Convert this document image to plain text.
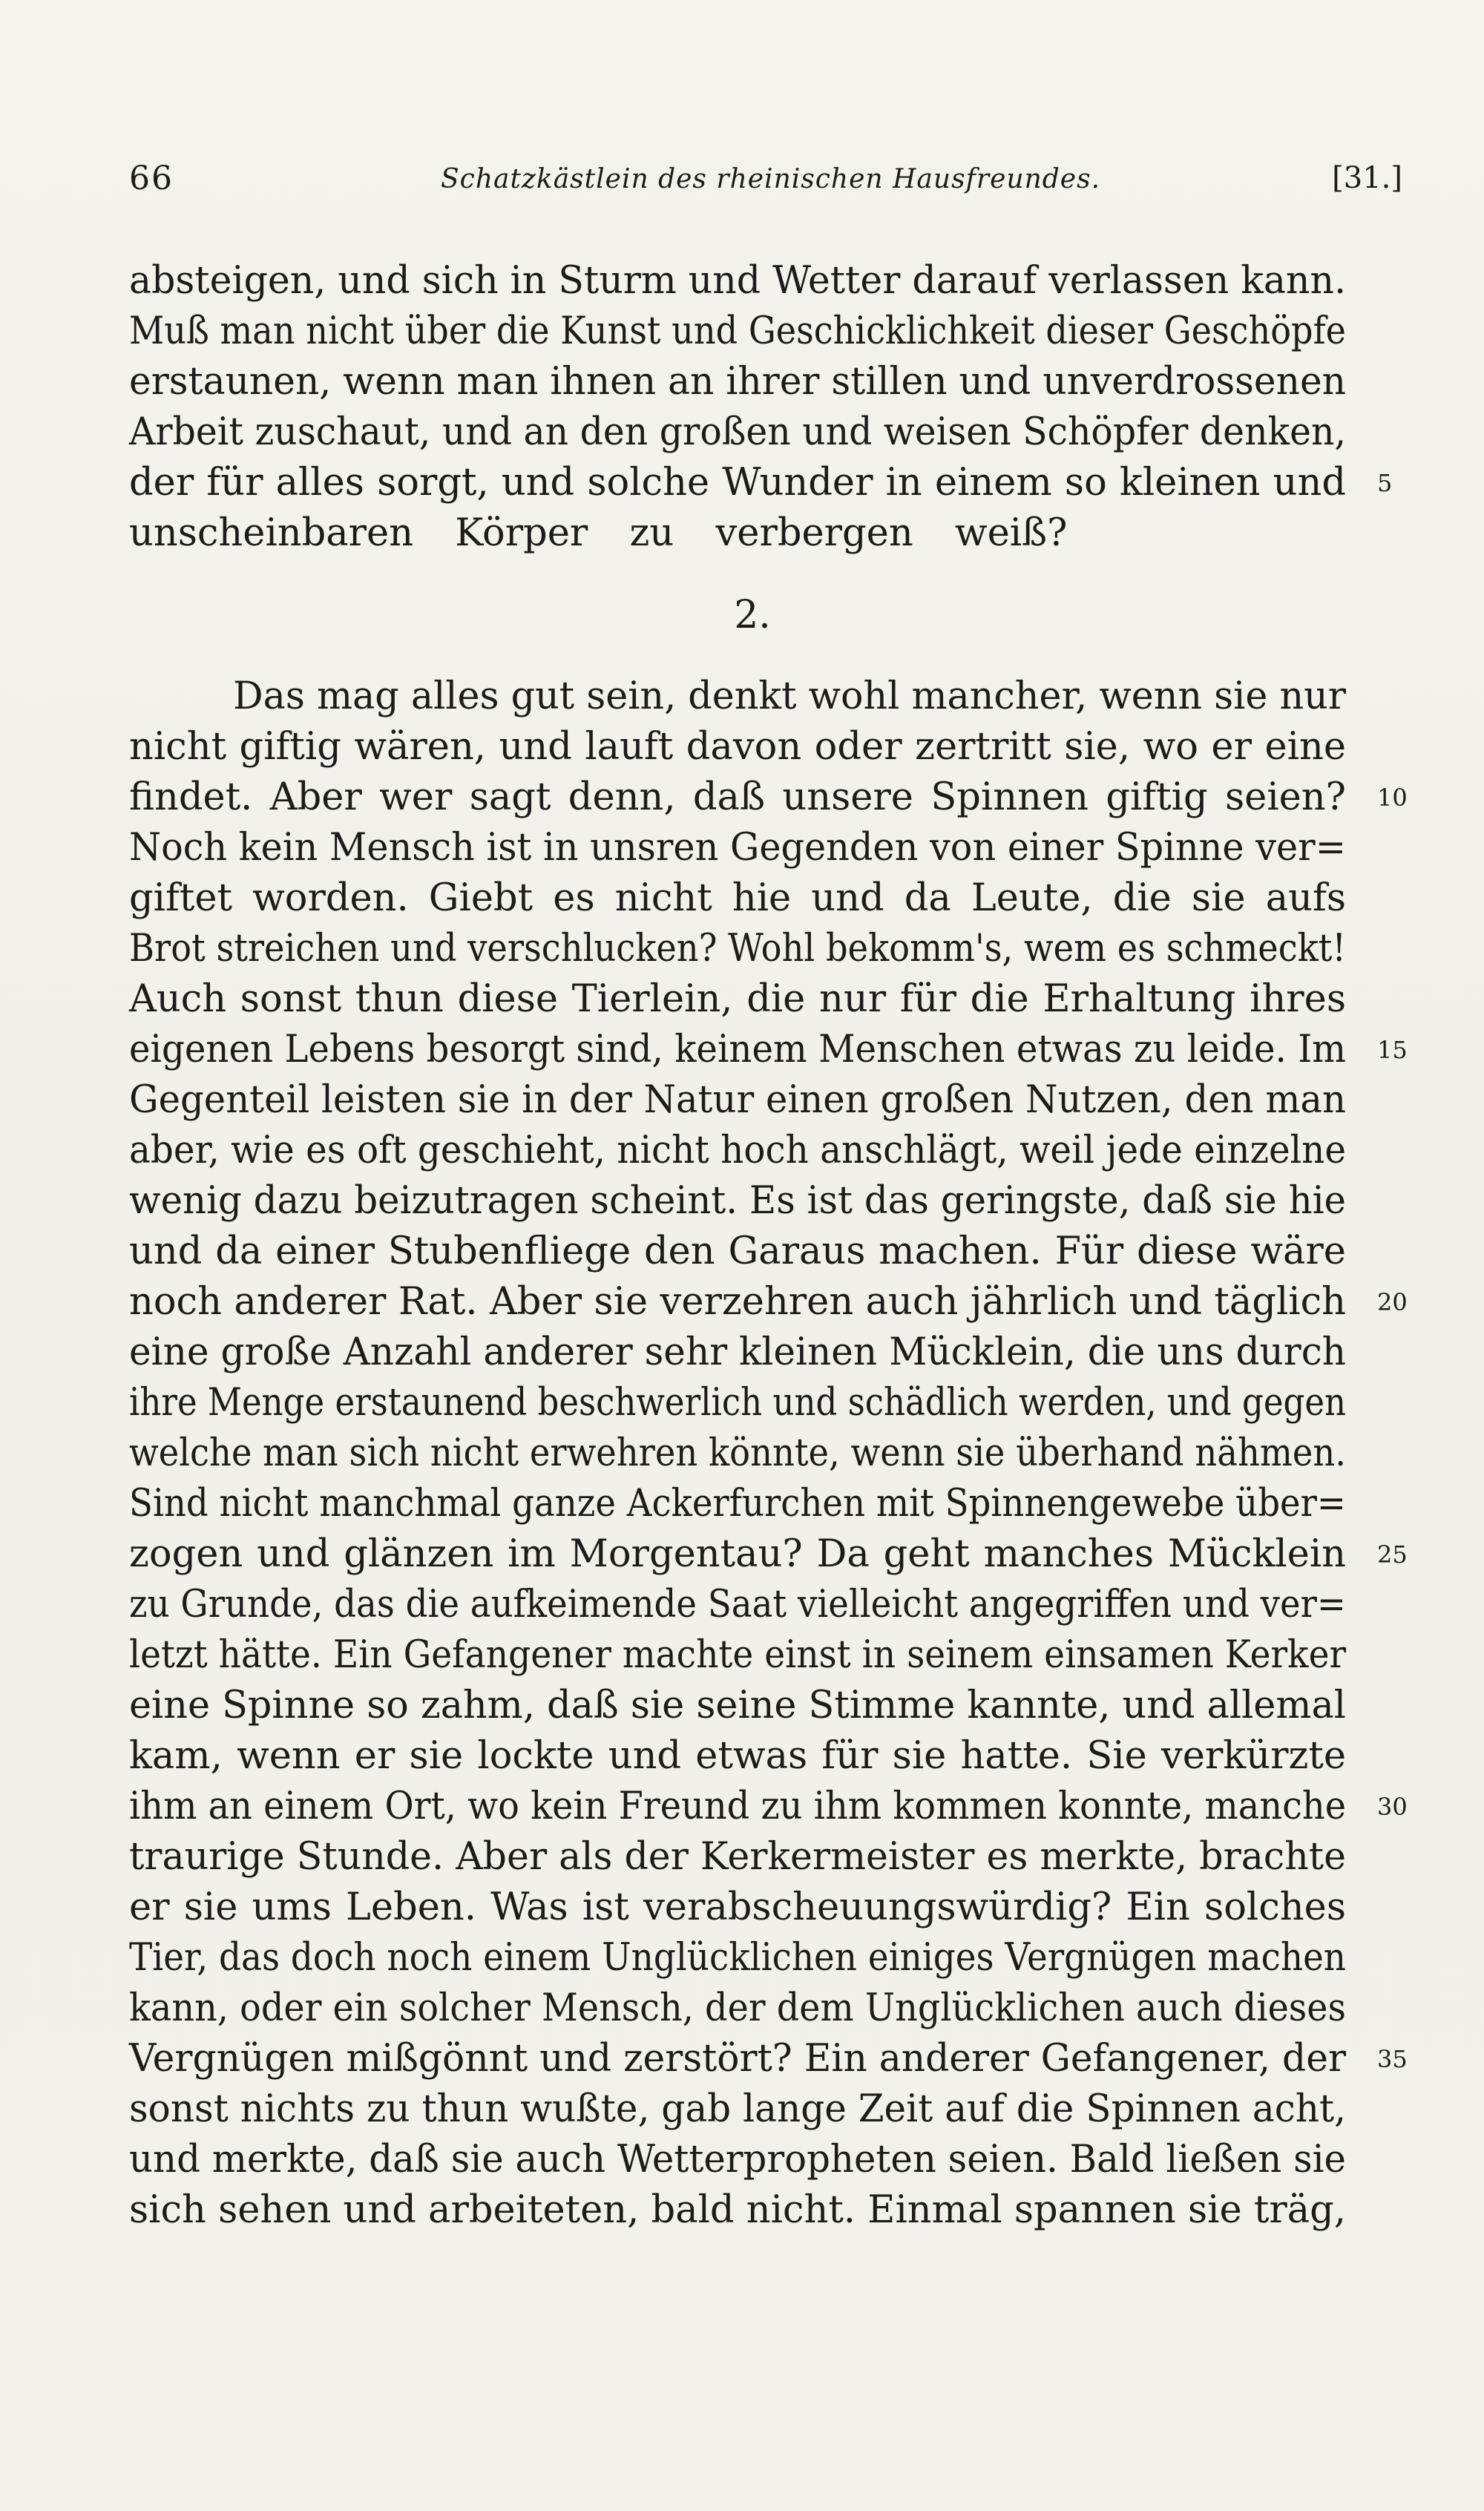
66	Schatzkästlein des rheinischen Hausfreundes.	[31.]
absteigen, und sich in Sturm und Wetter darauf verlassen kann.
Muß man nicht über die Kunst und Geschicklichkeit dieser Geschöpfe
erstaunen, wenn man ihnen an ihrer stillen und unverdrossenen
Arbeit zuschaut, und an den großen und weisen Schöpfer denken,
der für alles sorgt, und solche Wunder in einem so kleinen und 5
unscheinbaren Körper zu verbergen weiß?
2.
Das mag alles gut sein, denkt wohl mancher, wenn sie nur
nicht giftig wären, und lauft davon oder zertritt sie, wo er eine
findet. Aber wer sagt denn, daß unsere Spinnen giftig seien? 10
Noch kein Mensch ist in unsren Gegenden von einer Spinne ver=
giftet worden. Giebt es nicht hie und da Leute, die sie aufs
Brot streichen und verschlucken? Wohl bekomm's, wem es schmeckt!
Auch sonst thun diese Tierlein, die nur für die Erhaltung ihres
eigenen Lebens besorgt sind, keinem Menschen etwas zu leide. Im 15
Gegenteil leisten sie in der Natur einen großen Nutzen, den man
aber, wie es oft geschieht, nicht hoch anschlägt, weil jede einzelne
wenig dazu beizutragen scheint. Es ist das geringste, daß sie hie
und da einer Stubenfliege den Garaus machen. Für diese wäre
noch anderer Rat. Aber sie verzehren auch jährlich und täglich 20
eine große Anzahl anderer sehr kleinen Mücklein, die uns durch
ihre Menge erstaunend beschwerlich und schädlich werden, und gegen
welche man sich nicht erwehren könnte, wenn sie überhand nähmen.
Sind nicht manchmal ganze Ackerfurchen mit Spinnengewebe über=
zogen und glänzen im Morgentau? Da geht manches Mücklein 25
zu Grunde, das die aufkeimende Saat vielleicht angegriffen und ver=
letzt hätte. Ein Gefangener machte einst in seinem einsamen Kerker
eine Spinne so zahm, daß sie seine Stimme kannte, und allemal
kam, wenn er sie lockte und etwas für sie hatte. Sie verkürzte
ihm an einem Ort, wo kein Freund zu ihm kommen konnte, manche 30
traurige Stunde. Aber als der Kerkermeister es merkte, brachte
er sie ums Leben. Was ist verabscheuungswürdig? Ein solches
Tier, das doch noch einem Unglücklichen einiges Vergnügen machen
kann, oder ein solcher Mensch, der dem Unglücklichen auch dieses
Vergnügen mißgönnt und zerstört? Ein anderer Gefangener, der 35
sonst nichts zu thun wußte, gab lange Zeit auf die Spinnen acht,
und merkte, daß sie auch Wetterpropheten seien. Bald ließen sie
sich sehen und arbeiteten, bald nicht. Einmal spannen sie träg,
